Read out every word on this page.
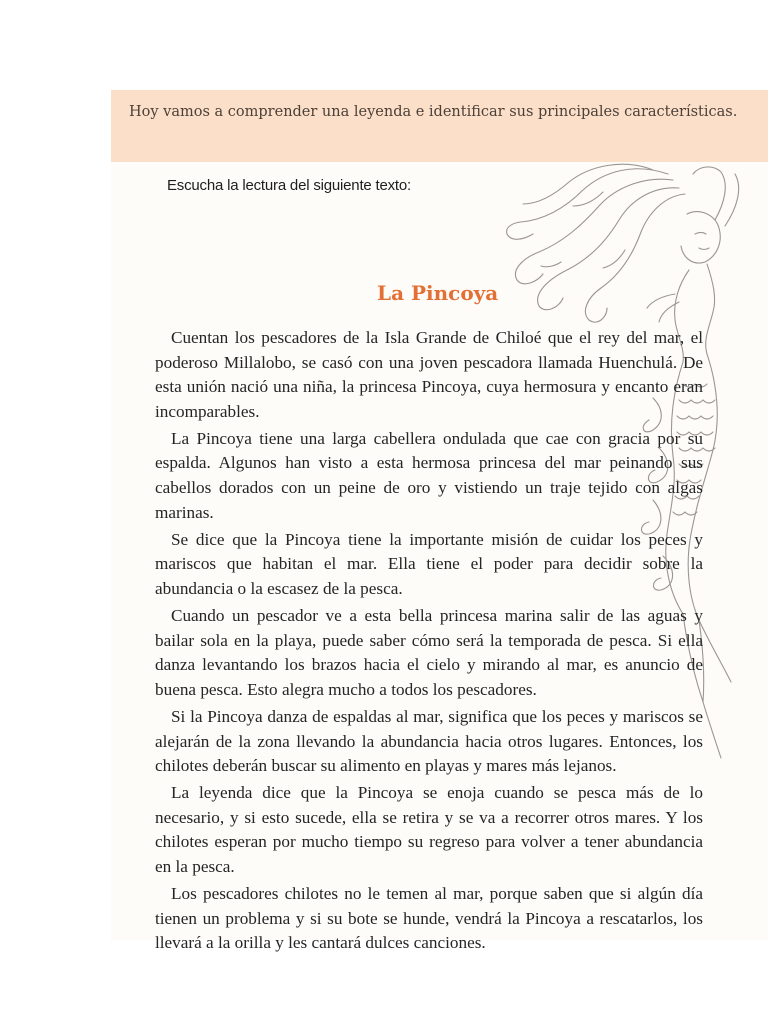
Hoy vamos a comprender una leyenda e identificar sus principales características.
Escucha la lectura del siguiente texto:
La Pincoya

Cuentan los pescadores de la Isla Grande de Chiloé que el rey del mar, el poderoso Millalobo, se casó con una joven pescadora llamada Huenchulá. De esta unión nació una niña, la princesa Pincoya, cuya hermosura y encanto eran incomparables.

La Pincoya tiene una larga cabellera ondulada que cae con gracia por su espalda. Algunos han visto a esta hermosa princesa del mar peinando sus cabellos dorados con un peine de oro y vistiendo un traje tejido con algas marinas.

Se dice que la Pincoya tiene la importante misión de cuidar los peces y mariscos que habitan el mar. Ella tiene el poder para decidir sobre la abundancia o la escasez de la pesca.

Cuando un pescador ve a esta bella princesa marina salir de las aguas y bailar sola en la playa, puede saber cómo será la temporada de pesca. Si ella danza levantando los brazos hacia el cielo y mirando al mar, es anuncio de buena pesca. Esto alegra mucho a todos los pescadores.

Si la Pincoya danza de espaldas al mar, significa que los peces y mariscos se alejarán de la zona llevando la abundancia hacia otros lugares. Entonces, los chilotes deberán buscar su alimento en playas y mares más lejanos.

La leyenda dice que la Pincoya se enoja cuando se pesca más de lo necesario, y si esto sucede, ella se retira y se va a recorrer otros mares. Y los chilotes esperan por mucho tiempo su regreso para volver a tener abundancia en la pesca.

Los pescadores chilotes no le temen al mar, porque saben que si algún día tienen un problema y si su bote se hunde, vendrá la Pincoya a rescatarlos, los llevará a la orilla y les cantará dulces canciones.
